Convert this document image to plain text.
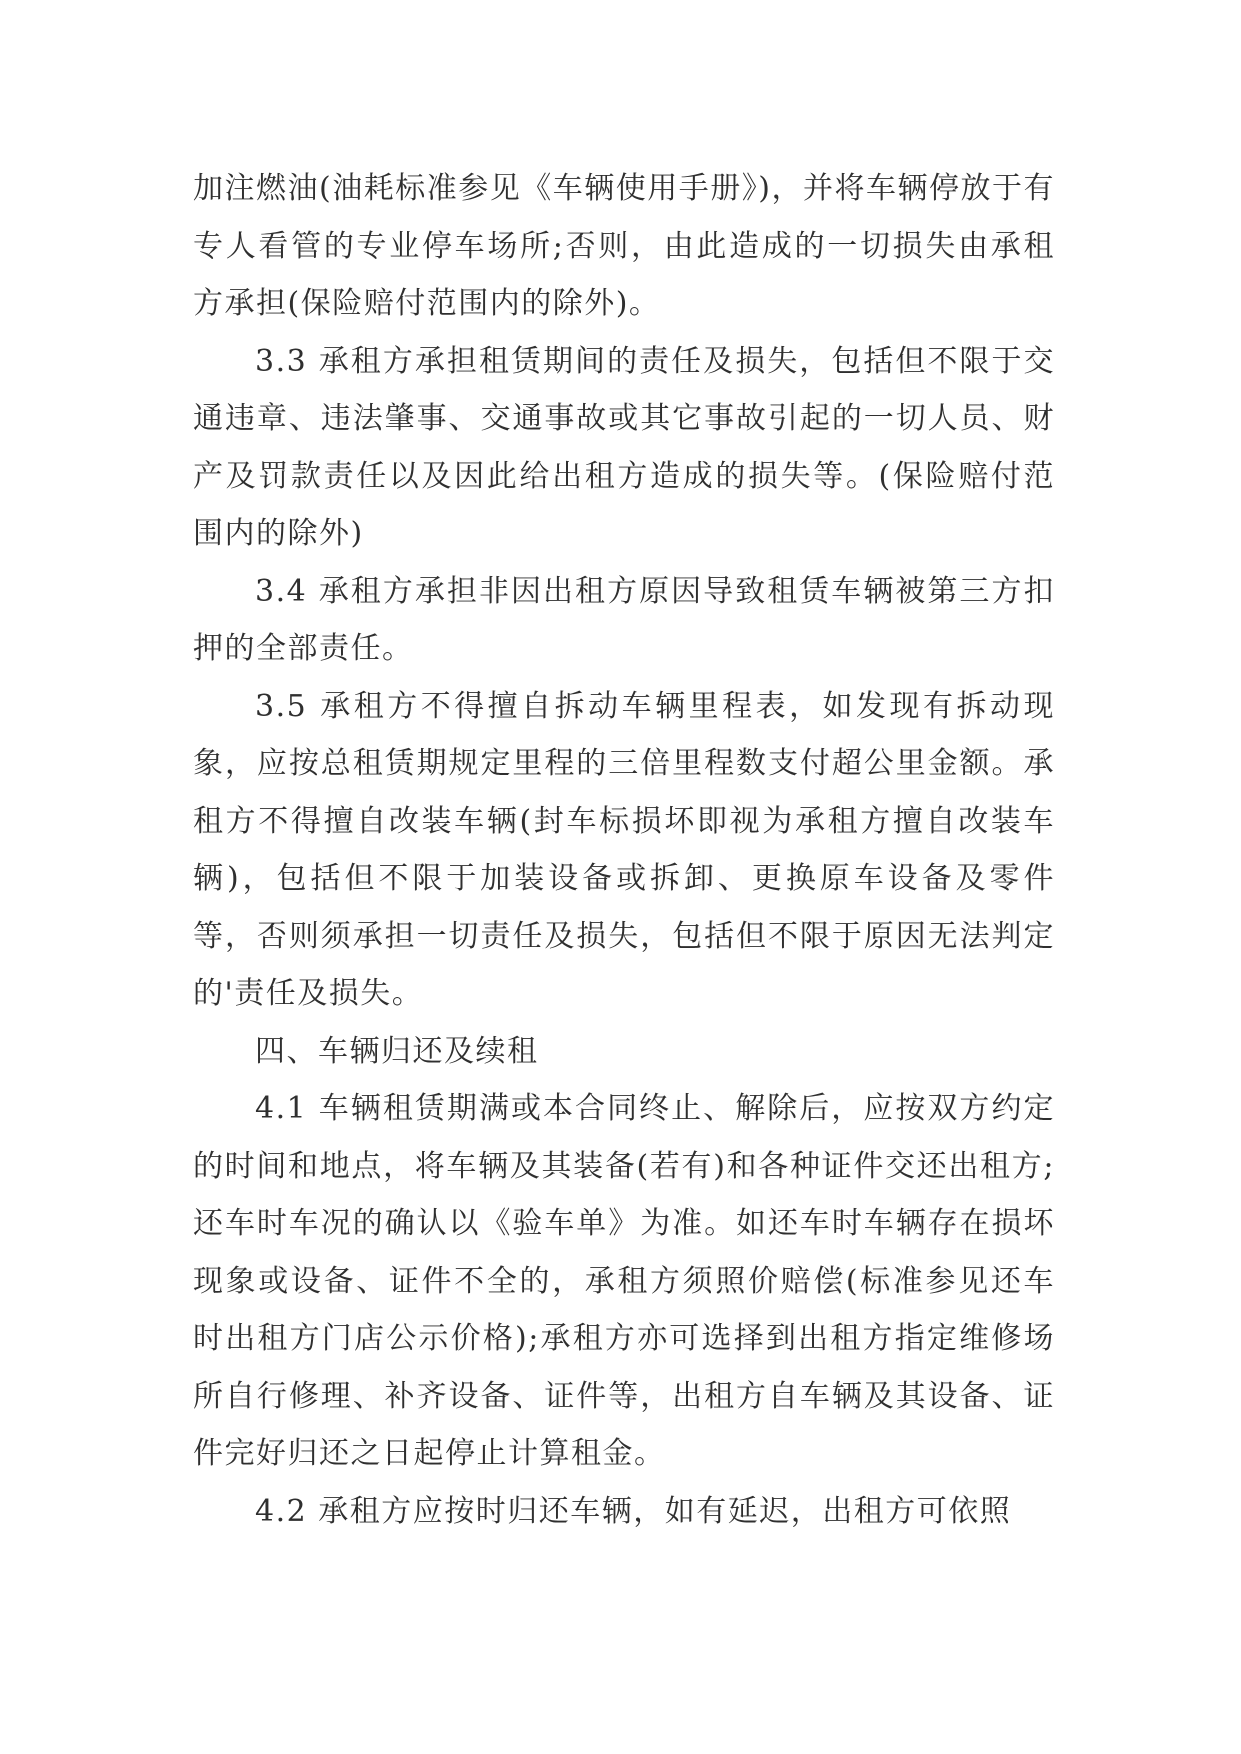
加注燃油(油耗标准参见《车辆使用手册》)，并将车辆停放于有专人看管的专业停车场所;否则，由此造成的一切损失由承租方承担(保险赔付范围内的除外)。

3.3 承租方承担租赁期间的责任及损失，包括但不限于交通违章、违法肇事、交通事故或其它事故引起的一切人员、财产及罚款责任以及因此给出租方造成的损失等。(保险赔付范围内的除外)

3.4 承租方承担非因出租方原因导致租赁车辆被第三方扣押的全部责任。

3.5 承租方不得擅自拆动车辆里程表，如发现有拆动现象，应按总租赁期规定里程的三倍里程数支付超公里金额。承租方不得擅自改装车辆(封车标损坏即视为承租方擅自改装车辆)，包括但不限于加装设备或拆卸、更换原车设备及零件等，否则须承担一切责任及损失，包括但不限于原因无法判定的'责任及损失。

四、车辆归还及续租

4.1 车辆租赁期满或本合同终止、解除后，应按双方约定的时间和地点，将车辆及其装备(若有)和各种证件交还出租方;还车时车况的确认以《验车单》为准。如还车时车辆存在损坏现象或设备、证件不全的，承租方须照价赔偿(标准参见还车时出租方门店公示价格);承租方亦可选择到出租方指定维修场所自行修理、补齐设备、证件等，出租方自车辆及其设备、证件完好归还之日起停止计算租金。

4.2 承租方应按时归还车辆，如有延迟，出租方可依照
